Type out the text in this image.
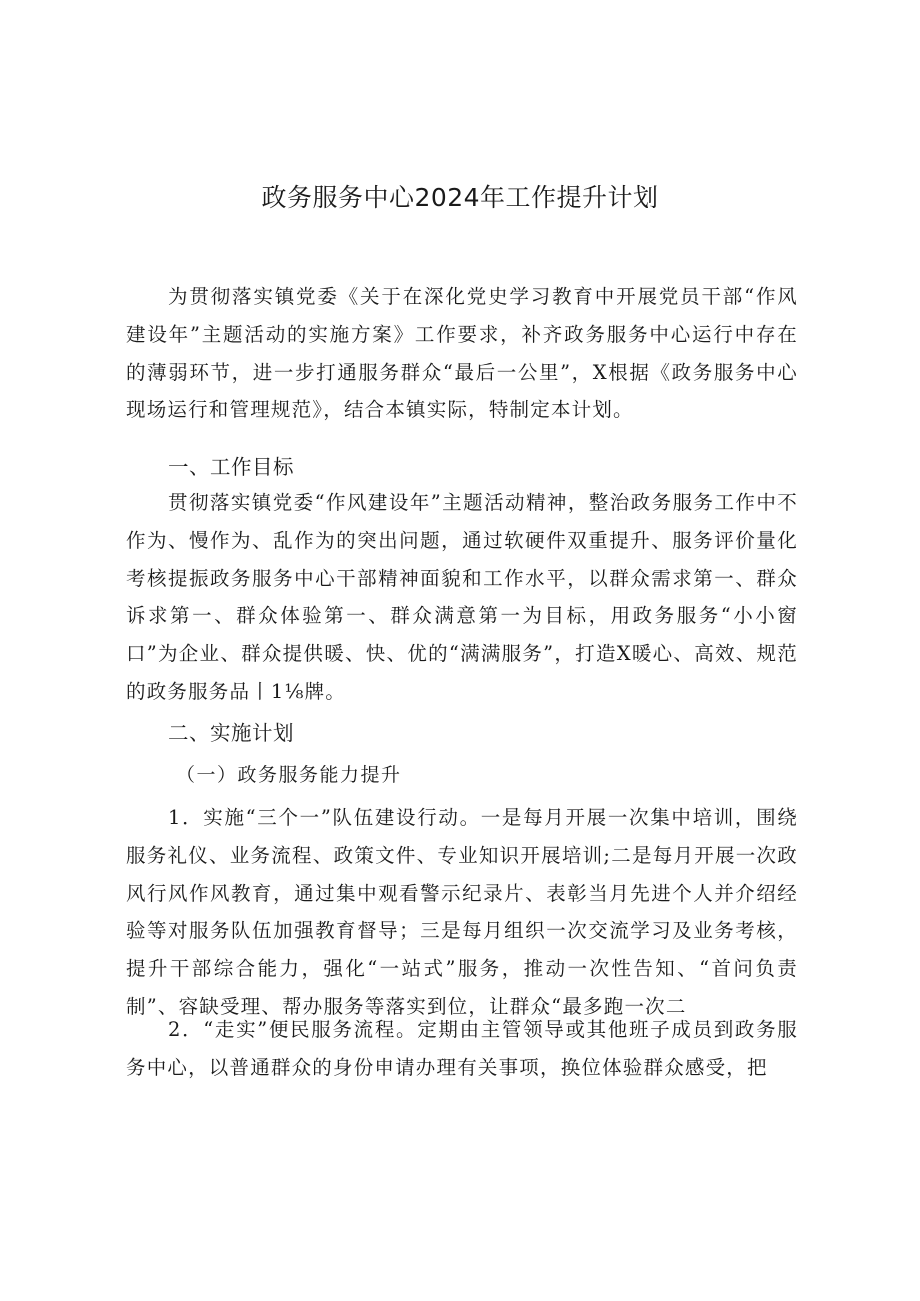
政务服务中心2024年工作提升计划

为贯彻落实镇党委《关于在深化党史学习教育中开展党员干部“作风建设年”主题活动的实施方案》工作要求，补齐政务服务中心运行中存在的薄弱环节，进一步打通服务群众“最后一公里”，X根据《政务服务中心现场运行和管理规范》，结合本镇实际，特制定本计划。

一、工作目标

贯彻落实镇党委“作风建设年”主题活动精神，整治政务服务工作中不作为、慢作为、乱作为的突出问题，通过软硬件双重提升、服务评价量化考核提振政务服务中心干部精神面貌和工作水平，以群众需求第一、群众诉求第一、群众体验第一、群众满意第一为目标，用政务服务“小小窗口”为企业、群众提供暖、快、优的“满满服务”，打造X暖心、高效、规范的政务服务品丨1⅛牌。

二、实施计划

（一）政务服务能力提升

1．实施“三个一”队伍建设行动。一是每月开展一次集中培训，围绕服务礼仪、业务流程、政策文件、专业知识开展培训;二是每月开展一次政风行风作风教育，通过集中观看警示纪录片、表彰当月先进个人并介绍经验等对服务队伍加强教育督导；三是每月组织一次交流学习及业务考核，提升干部综合能力，强化“一站式”服务，推动一次性告知、“首问负责制”、容缺受理、帮办服务等落实到位，让群众“最多跑一次二

2．“走实”便民服务流程。定期由主管领导或其他班子成员到政务服务中心，以普通群众的身份申请办理有关事项，换位体验群众感受，把
